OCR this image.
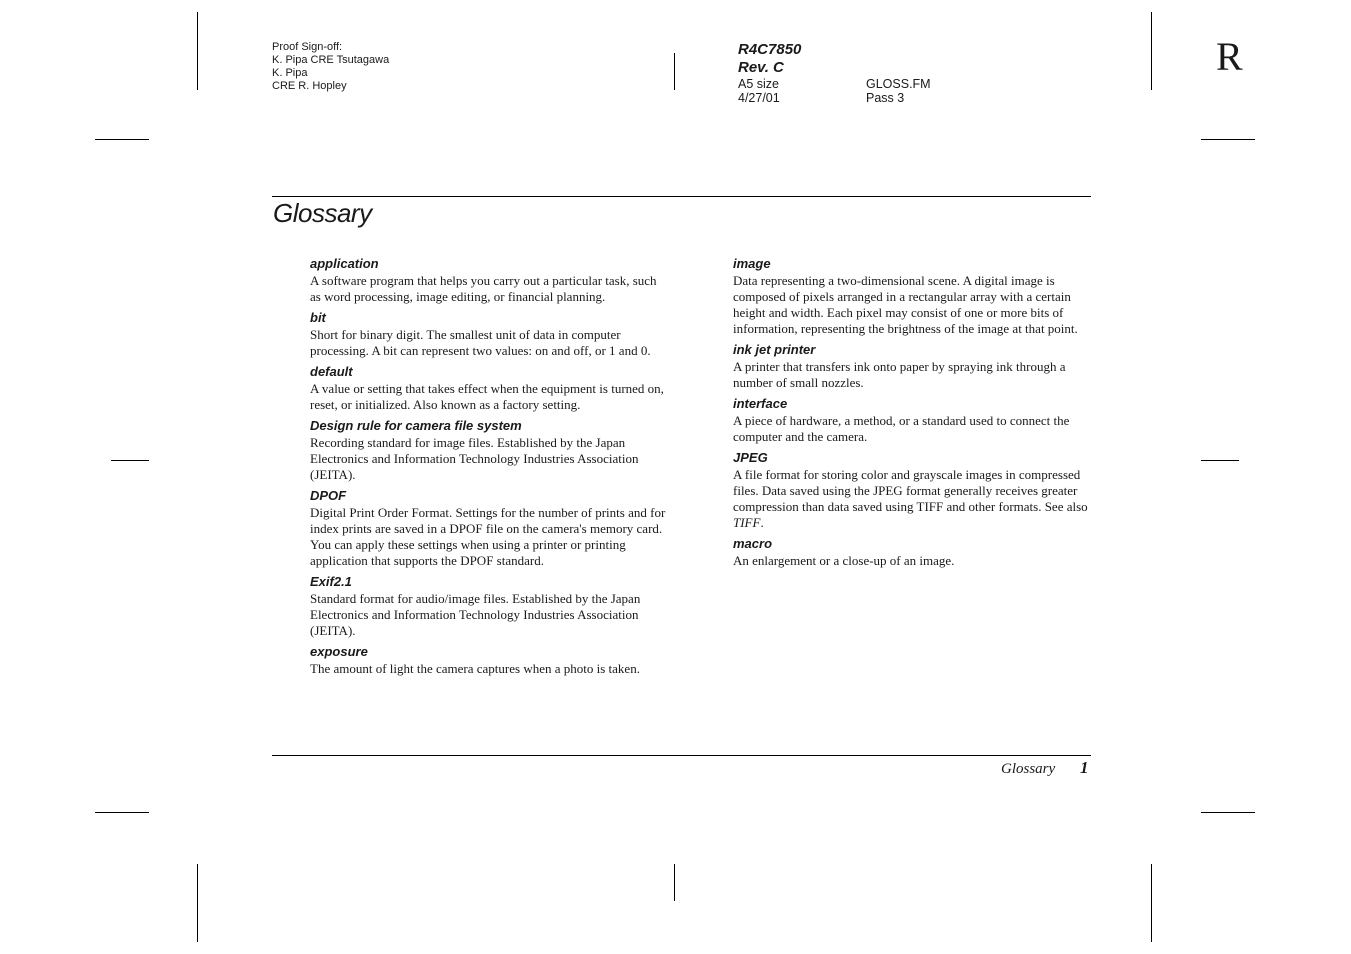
Proof Sign-off:
K. Pipa CRE Tsutagawa
K. Pipa
CRE R. Hopley
R4C7850
Rev. C
A5 size
4/27/01
GLOSS.FM
Pass 3
R
Glossary
application
A software program that helps you carry out a particular task, such as word processing, image editing, or financial planning.
bit
Short for binary digit. The smallest unit of data in computer processing. A bit can represent two values: on and off, or 1 and 0.
default
A value or setting that takes effect when the equipment is turned on, reset, or initialized. Also known as a factory setting.
Design rule for camera file system
Recording standard for image files. Established by the Japan Electronics and Information Technology Industries Association (JEITA).
DPOF
Digital Print Order Format. Settings for the number of prints and for index prints are saved in a DPOF file on the camera's memory card. You can apply these settings when using a printer or printing application that supports the DPOF standard.
Exif2.1
Standard format for audio/image files. Established by the Japan Electronics and Information Technology Industries Association (JEITA).
exposure
The amount of light the camera captures when a photo is taken.
image
Data representing a two-dimensional scene. A digital image is composed of pixels arranged in a rectangular array with a certain height and width. Each pixel may consist of one or more bits of information, representing the brightness of the image at that point.
ink jet printer
A printer that transfers ink onto paper by spraying ink through a number of small nozzles.
interface
A piece of hardware, a method, or a standard used to connect the computer and the camera.
JPEG
A file format for storing color and grayscale images in compressed files. Data saved using the JPEG format generally receives greater compression than data saved using TIFF and other formats. See also TIFF.
macro
An enlargement or a close-up of an image.
Glossary 1
